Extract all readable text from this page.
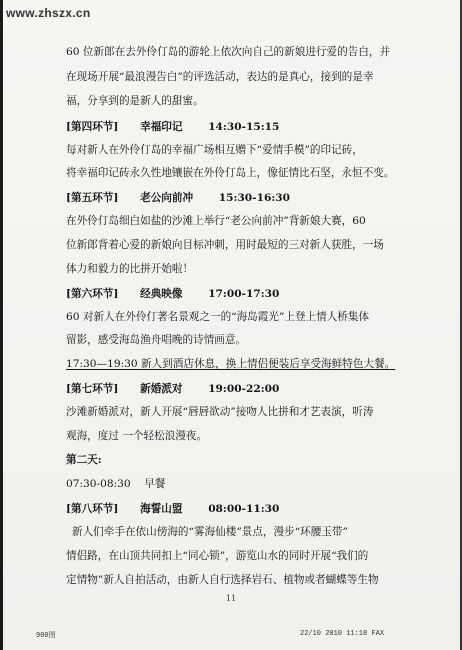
www.zhszx.cn
60 位新郎在去外伶仃岛的游轮上依次向自己的新娘进行爱的告白，并
在现场开展“最浪漫告白”的评选活动，表达的是真心，接到的是幸
福，分享到的是新人的甜蜜。
[第四环节] 幸福印记 14:30-15:15
每对新人在外伶仃岛的幸福广场相互赠下“爱情手模”的印记砖，
将幸福印记砖永久性地镶嵌在外伶仃岛上，像征情比石坚，永恒不变。
[第五环节] 老公向前冲 15:30-16:30
在外伶仃岛细白如盐的沙滩上举行“老公向前冲”背新娘大赛，60
位新郎背着心爱的新娘向目标冲刺，用时最短的三对新人获胜，一场
体力和毅力的比拼开始啦！
[第六环节] 经典映像 17:00-17:30
60 对新人在外伶仃著名景观之一的“海岛霞光”上登上情人桥集体
留影，感受海岛渔舟唱晚的诗情画意。
17:30—19:30 新人到酒店休息，换上情侣便装后享受海鲜特色大餐。
[第七环节] 新婚派对 19:00-22:00
沙滩新婚派对，新人开展“唇唇欲动”接吻人比拼和才艺表演，听涛
观海，度过 一个轻松浪漫夜。
第二天:
07:30-08:30    早餐
[第八环节] 海誓山盟 08:00-11:30
新人们牵手在依山傍海的“雾海仙楼”景点，漫步“环腰玉带”
情侣路，在山顶共同扣上“同心锁”，游览山水的同时开展“我们的
定情物”新人自拍活动，由新人自行选择岩石、植物或者蝴蝶等生物
11
900图	22/10 2010 11:18 FAX
